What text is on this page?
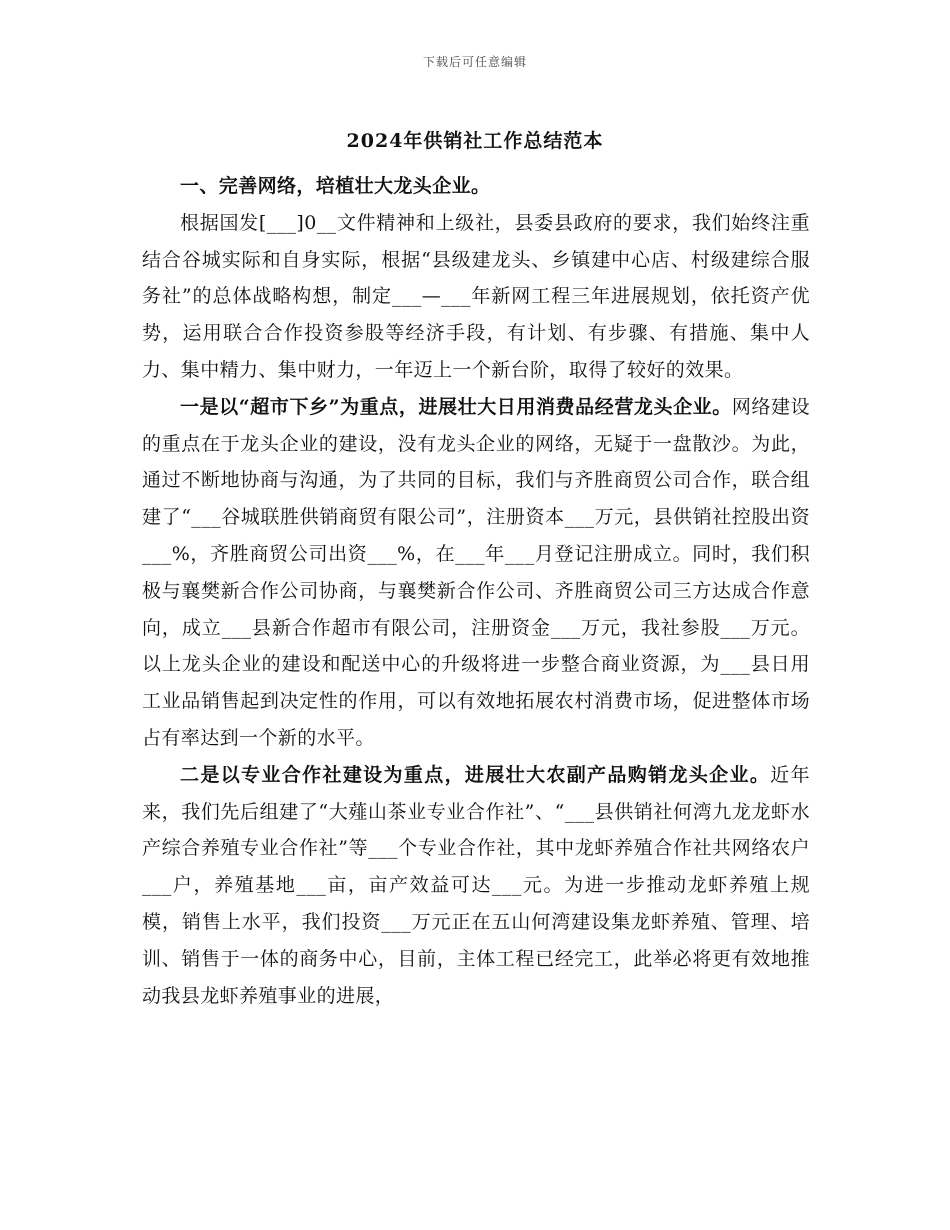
下载后可任意编辑
2024年供销社工作总结范本

一、完善网络，培植壮大龙头企业。

根据国发[___]0__文件精神和上级社，县委县政府的要求，我们始终注重结合谷城实际和自身实际，根据“县级建龙头、乡镇建中心店、村级建综合服务社”的总体战略构想，制定___—___年新网工程三年进展规划，依托资产优势，运用联合合作投资参股等经济手段，有计划、有步骤、有措施、集中人力、集中精力、集中财力，一年迈上一个新台阶，取得了较好的效果。

一是以“超市下乡”为重点，进展壮大日用消费品经营龙头企业。网络建设的重点在于龙头企业的建设，没有龙头企业的网络，无疑于一盘散沙。为此，通过不断地协商与沟通，为了共同的目标，我们与齐胜商贸公司合作，联合组建了“___谷城联胜供销商贸有限公司”，注册资本___万元，县供销社控股出资___%，齐胜商贸公司出资___%，在___年___月登记注册成立。同时，我们积极与襄樊新合作公司协商，与襄樊新合作公司、齐胜商贸公司三方达成合作意向，成立___县新合作超市有限公司，注册资金___万元，我社参股___万元。以上龙头企业的建设和配送中心的升级将进一步整合商业资源，为___县日用工业品销售起到决定性的作用，可以有效地拓展农村消费市场，促进整体市场占有率达到一个新的水平。

二是以专业合作社建设为重点，进展壮大农副产品购销龙头企业。近年来，我们先后组建了“大薤山茶业专业合作社”、“___县供销社何湾九龙龙虾水产综合养殖专业合作社”等___个专业合作社，其中龙虾养殖合作社共网络农户___户，养殖基地___亩，亩产效益可达___元。为进一步推动龙虾养殖上规模，销售上水平，我们投资___万元正在五山何湾建设集龙虾养殖、管理、培训、销售于一体的商务中心，目前，主体工程已经完工，此举必将更有效地推动我县龙虾养殖事业的进展，
